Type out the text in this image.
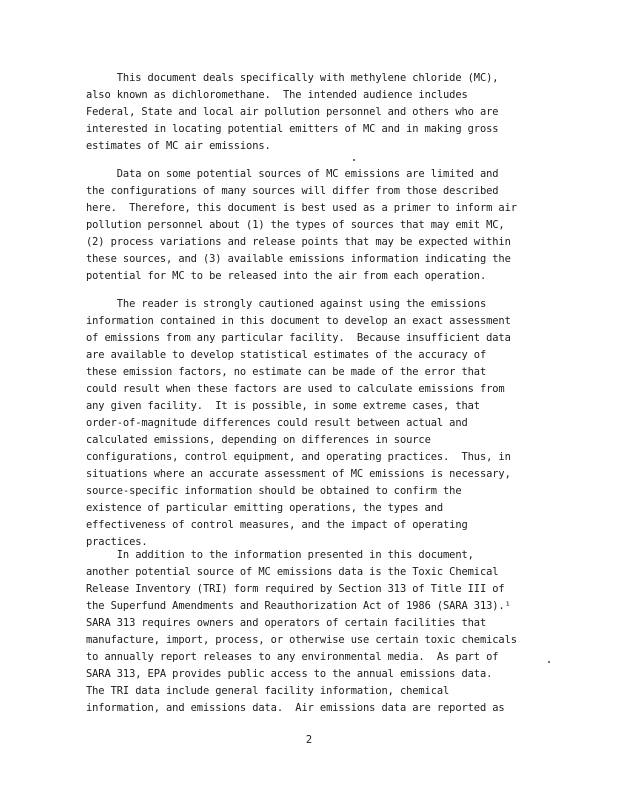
This document deals specifically with methylene chloride (MC),
also known as dichloromethane.  The intended audience includes
Federal, State and local air pollution personnel and others who are
interested in locating potential emitters of MC and in making gross
estimates of MC air emissions.
Data on some potential sources of MC emissions are limited and
the configurations of many sources will differ from those described
here.  Therefore, this document is best used as a primer to inform air
pollution personnel about (1) the types of sources that may emit MC,
(2) process variations and release points that may be expected within
these sources, and (3) available emissions information indicating the
potential for MC to be released into the air from each operation.
The reader is strongly cautioned against using the emissions
information contained in this document to develop an exact assessment
of emissions from any particular facility.  Because insufficient data
are available to develop statistical estimates of the accuracy of
these emission factors, no estimate can be made of the error that
could result when these factors are used to calculate emissions from
any given facility.  It is possible, in some extreme cases, that
order-of-magnitude differences could result between actual and
calculated emissions, depending on differences in source
configurations, control equipment, and operating practices.  Thus, in
situations where an accurate assessment of MC emissions is necessary,
source-specific information should be obtained to confirm the
existence of particular emitting operations, the types and
effectiveness of control measures, and the impact of operating
practices.
In addition to the information presented in this document,
another potential source of MC emissions data is the Toxic Chemical
Release Inventory (TRI) form required by Section 313 of Title III of
the Superfund Amendments and Reauthorization Act of 1986 (SARA 313).¹
SARA 313 requires owners and operators of certain facilities that
manufacture, import, process, or otherwise use certain toxic chemicals
to annually report releases to any environmental media.  As part of
SARA 313, EPA provides public access to the annual emissions data.
The TRI data include general facility information, chemical
information, and emissions data.  Air emissions data are reported as
2
